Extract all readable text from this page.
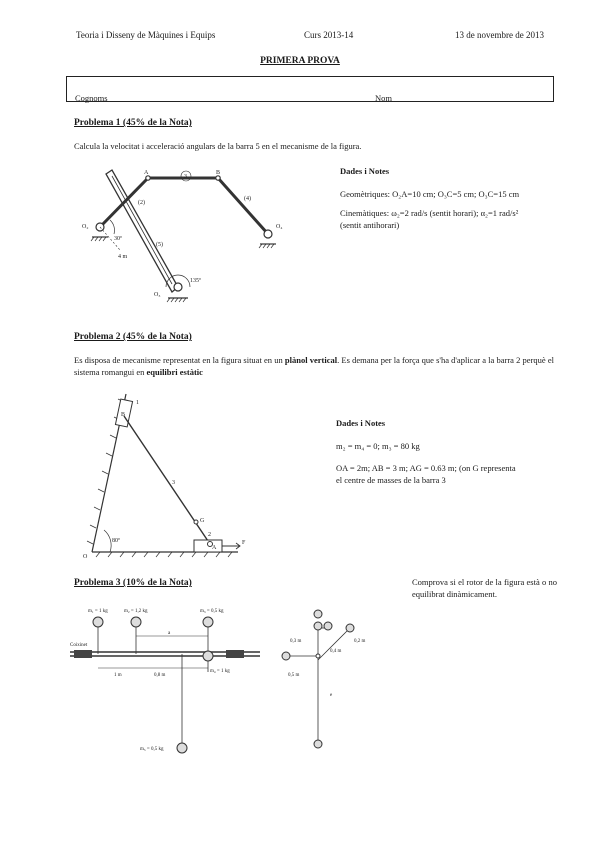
Teoria i Disseny de Màquines i Equips	Curs 2013-14	13 de novembre de 2013
PRIMERA PROVA
Cognoms	Nom
Problema 1 (45% de la Nota)
Calcula la velocitat i acceleració angulars de la barra 5 en el mecanisme de la figura.
A	B
O₂
O₃
O₄
3
(2)
(4)
(5)
135º
30º
4 m
Dades i Notes
Geomètriques: O₂A=10 cm; O₃C=5 cm; O₃C=15 cm
Cinemàtiques: ω₂=2 rad/s (sentit horari); α₂=1 rad/s²
(sentit antihorari)
Problema 2 (45% de la Nota)
Es disposa de mecanisme representat en la figura situat en un plànol vertical. Es demana per la força que s'ha d'aplicar a la barra 2 perquè el sistema romangui en equilibri estàtic
O
A
B
G
F
80º
1
3
2
Dades i Notes
m₂ = m₄ = 0; m₃ = 80 kg
OA = 2m; AB = 3 m; AG = 0.63 m; (on G representa
el centre de masses de la barra 3
Problema 3 (10% de la Nota)	Comprova si el rotor de la figura està o no equilibrat dinàmicament.
m₁ = 1 kg	m₂ = 1,2 kg	m₃ = 0,5 kg
m₄ = 1 kg
m₅ = 0,5 kg
Coixinet
1 m	0,8 m
a
0,3 m	0,2 m
0,4 m
0,5 m
e
